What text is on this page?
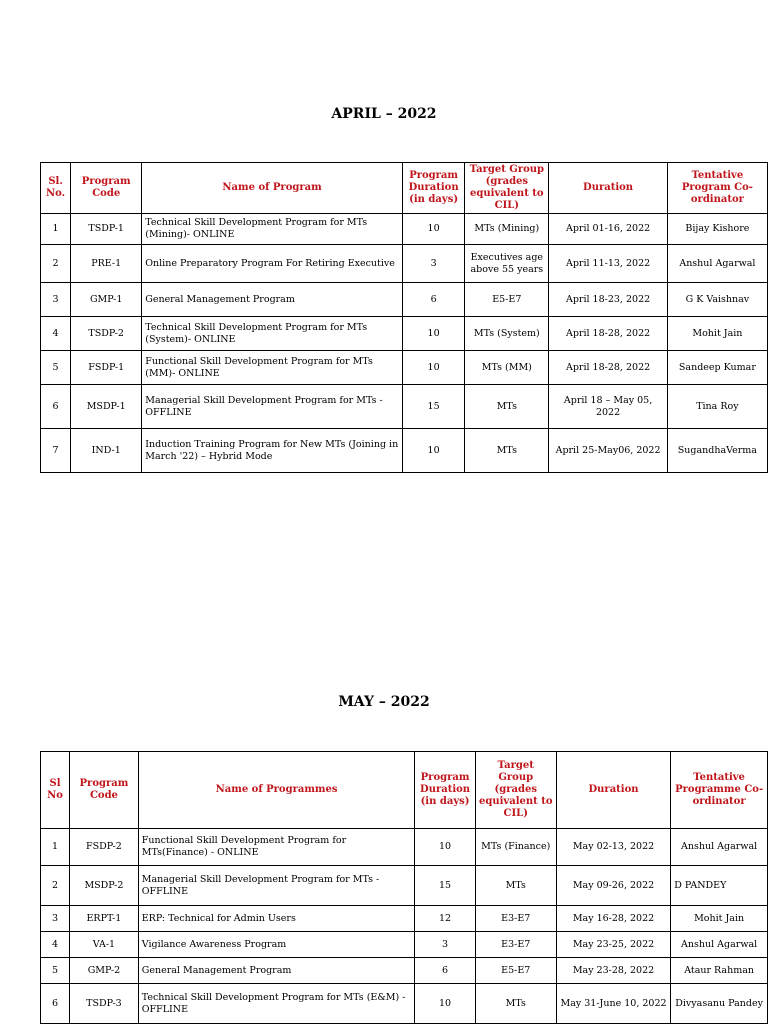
APRIL – 2022
Sl. No.	Program Code	Name of Program	Program Duration (in days)	Target Group (grades equivalent to CIL)	Duration	Tentative Program Co-ordinator
1	TSDP-1	Technical Skill Development Program for MTs (Mining)- ONLINE	10	MTs (Mining)	April 01-16, 2022	Bijay Kishore
2	PRE-1	Online Preparatory Program For Retiring Executive	3	Executives age above 55 years	April 11-13, 2022	Anshul Agarwal
3	GMP-1	General Management Program	6	E5-E7	April 18-23, 2022	G K Vaishnav
4	TSDP-2	Technical Skill Development Program for MTs (System)- ONLINE	10	MTs (System)	April 18-28, 2022	Mohit Jain
5	FSDP-1	Functional Skill Development Program for MTs (MM)- ONLINE	10	MTs (MM)	April 18-28, 2022	Sandeep Kumar
6	MSDP-1	Managerial Skill Development Program for MTs - OFFLINE	15	MTs	April 18 – May 05, 2022	Tina Roy
7	IND-1	Induction Training Program for New MTs (Joining in March '22) – Hybrid Mode	10	MTs	April 25-May06, 2022	SugandhaVerma
MAY – 2022
Sl No	Program Code	Name of Programmes	Program Duration (in days)	Target Group (grades equivalent to CIL)	Duration	Tentative Programme Co-ordinator
1	FSDP-2	Functional Skill Development Program for MTs(Finance) - ONLINE	10	MTs (Finance)	May 02-13, 2022	Anshul Agarwal
2	MSDP-2	Managerial Skill Development Program for MTs - OFFLINE	15	MTs	May 09-26, 2022	D PANDEY
3	ERPT-1	ERP: Technical for Admin Users	12	E3-E7	May 16-28, 2022	Mohit Jain
4	VA-1	Vigilance Awareness Program	3	E3-E7	May 23-25, 2022	Anshul Agarwal
5	GMP-2	General Management Program	6	E5-E7	May 23-28, 2022	Ataur Rahman
6	TSDP-3	Technical Skill Development Program for MTs (E&M) - OFFLINE	10	MTs	May 31-June 10, 2022	Divyasanu Pandey
